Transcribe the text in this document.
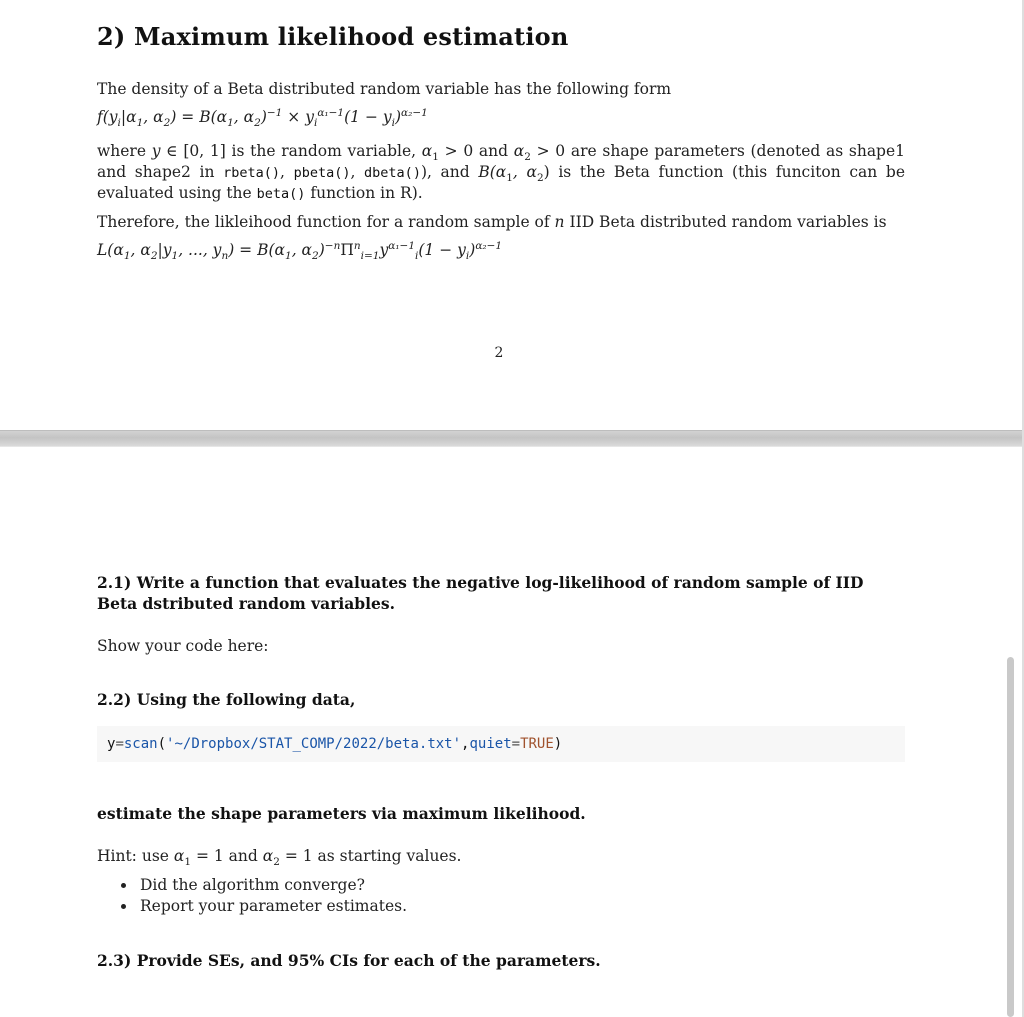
2) Maximum likelihood estimation

The density of a Beta distributed random variable has the following form

$f(y_i|\alpha_1$, $\alpha_2) = B(\alpha_1$, $\alpha_2)^{-1} \times y_i^{\alpha_1-1}(1 - y_i)^{\alpha_2-1}$

where y ∈ [0, 1] is the random variable, $\alpha_1 > 0$ and $\alpha_2 > 0$ are shape parameters (denoted as shape1 and shape2 in rbeta(), pbeta(), dbeta()), and $B(\alpha_1$, $\alpha_2$) is the Beta function (this funciton can be evaluated using the beta() function in R).

Therefore, the likleihood function for a random sample of n IID Beta distributed random variables is

$L(\alpha_1$, $\alpha_2|y_1$, ..., $y_n) = B(\alpha_1$, $\alpha_2)^{-n}\Pi^n_{i=1}y^{\alpha_1-1}_i(1 - y_i)^{\alpha_2-1}$
2
2.1) Write a function that evaluates the negative log-likelihood of random sample of IID Beta dstributed random variables.

Show your code here:

2.2) Using the following data,
y = scan ( '~/Dropbox/STAT_COMP/2022/beta.txt' , quiet = TRUE )
estimate the shape parameters via maximum likelihood.

Hint: use $\alpha_1 = 1$ and $\alpha_2 = 1$ as starting values.

Did the algorithm converge?
Report your parameter estimates.
2.3) Provide SEs, and 95% CIs for each of the parameters.
